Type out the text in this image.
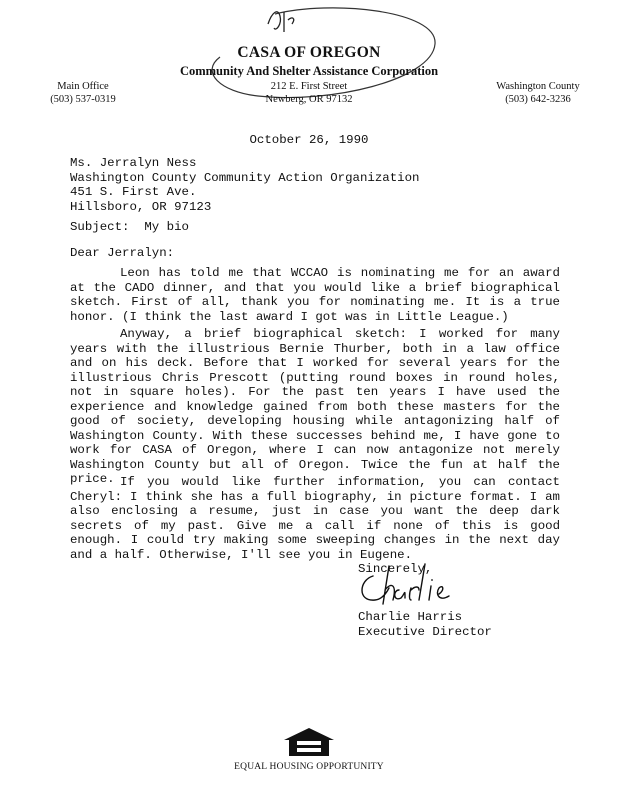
CASA OF OREGON
Community And Shelter Assistance Corporation
212 E. First Street
Newberg, OR 97132
Main Office
(503) 537-0319
Washington County
(503) 642-3236
October 26, 1990
Ms. Jerralyn Ness
Washington County Community Action Organization
451 S. First Ave.
Hillsboro, OR 97123
Subject:  My bio
Dear Jerralyn:

Leon has told me that WCCAO is nominating me for an award at the CADO dinner, and that you would like a brief biographical sketch. First of all, thank you for nominating me. It is a true honor. (I think the last award I got was in Little League.)

Anyway, a brief biographical sketch: I worked for many years with the illustrious Bernie Thurber, both in a law office and on his deck. Before that I worked for several years for the illustrious Chris Prescott (putting round boxes in round holes, not in square holes). For the past ten years I have used the experience and knowledge gained from both these masters for the good of society, developing housing while antagonizing half of Washington County. With these successes behind me, I have gone to work for CASA of Oregon, where I can now antagonize not merely Washington County but all of Oregon. Twice the fun at half the price. If you would like further information, you can contact Cheryl: I think she has a full biography, in picture format. I am also enclosing a resume, just in case you want the deep dark secrets of my past. Give me a call if none of this is good enough. I could try making some sweeping changes in the next day and a half. Otherwise, I'll see you in Eugene.

Sincerely,
Charlie Harris
Executive Director
EQUAL HOUSING OPPORTUNITY
